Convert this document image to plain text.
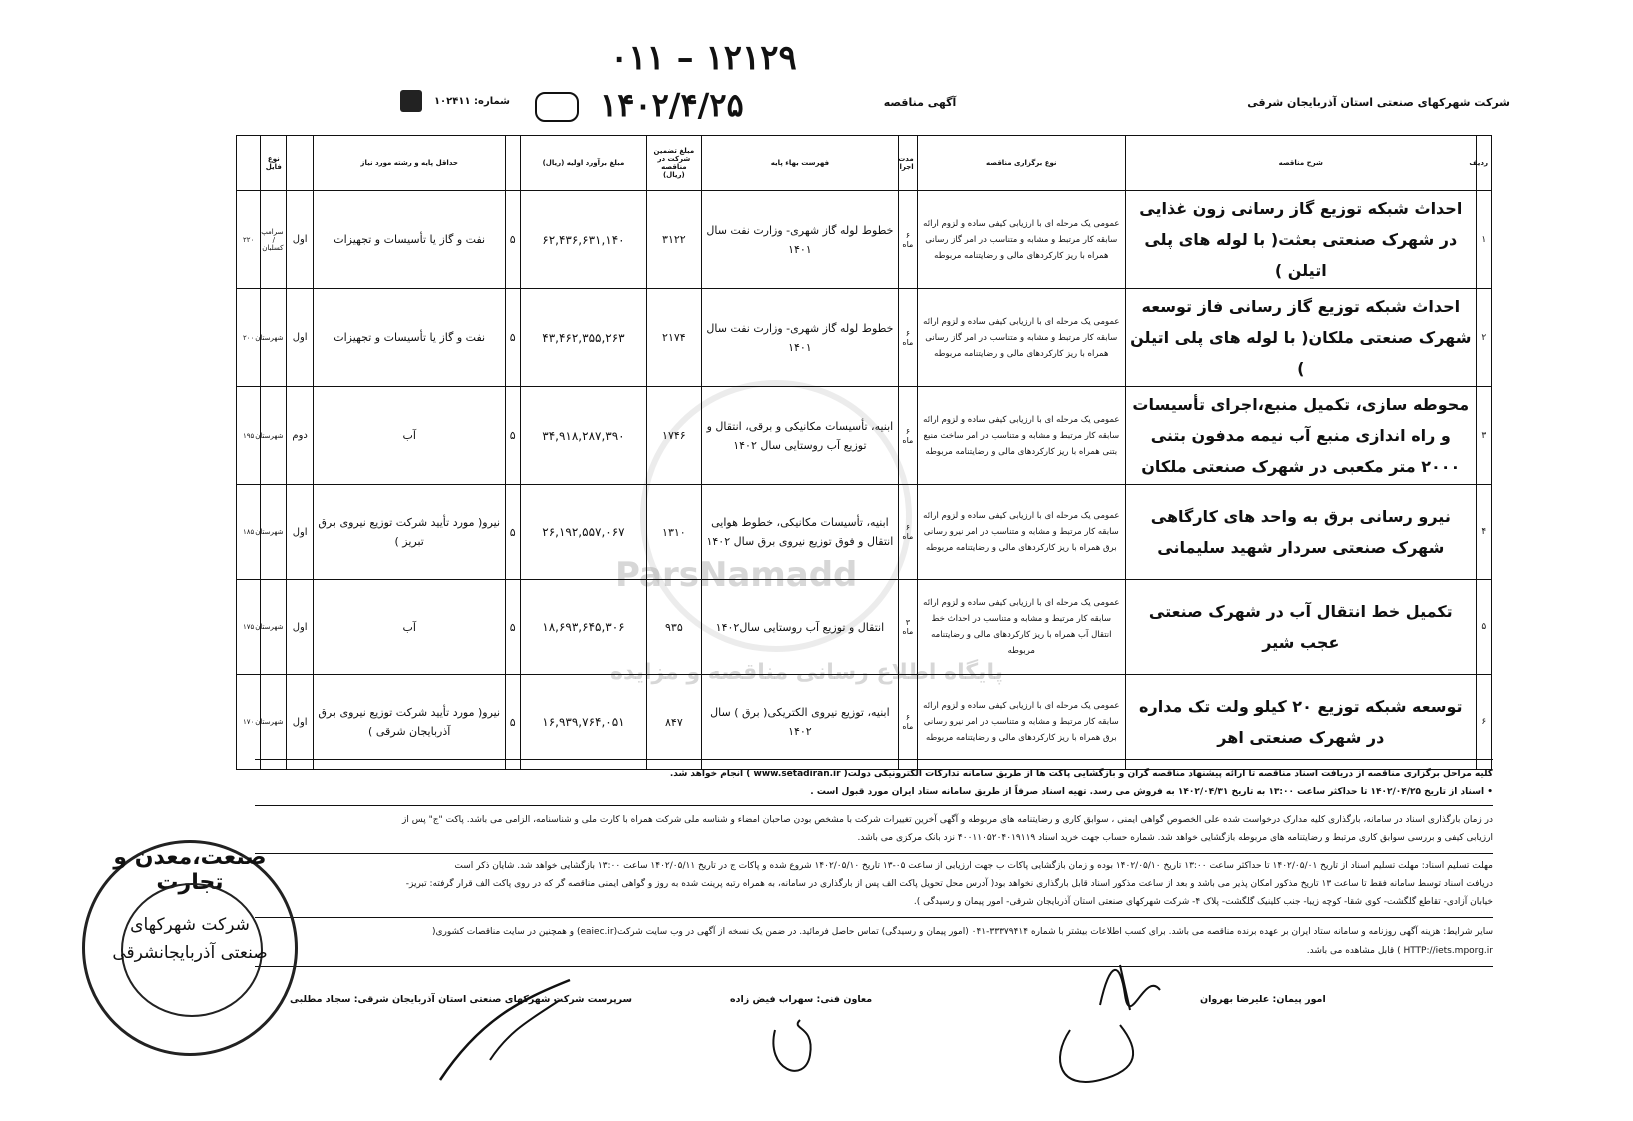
شرکت شهرکهای صنعتی استان آذربایجان شرقی
آگهی مناقصه
شماره: ۱۰۲۴۱۱
۰۱۱ – ۱۲۱۲۹
۱۴۰۲/۴/۲۵
ParsNamadd
پایگاه اطلاع رسانی مناقصه و مزایده
ردیف	شرح مناقصه	نوع برگزاری مناقصه	مدت اجرا	فهرست بهاء پایه	مبلغ تضمین شرکت در مناقصه (ریال)	مبلغ برآورد اولیه (ریال)		حداقل پایه و رشته مورد نیاز		نوع فایل	
۱	احداث شبکه توزیع گاز رسانی زون غذایی در شهرک صنعتی بعثت( با لوله های پلی اتیلن )	عمومی یک مرحله ای با ارزیابی کیفی ساده و لزوم ارائه سابقه کار مرتبط و مشابه و متناسب در امر گاز رسانی همراه با ریز کارکردهای مالی و رضایتنامه مربوطه	۶ ماه	خطوط لوله گاز شهری- وزارت نفت سال ۱۴۰۱	۳۱۲۲	۶۲,۴۳۶,۶۳۱,۱۴۰	۵	نفت و گاز یا تأسیسات و تجهیزات	اول	سرامپ / کسلبان	۲۲۰
۲	احداث شبکه توزیع گاز رسانی فاز توسعه شهرک صنعتی ملکان( با لوله های پلی اتیلن )	عمومی یک مرحله ای با ارزیابی کیفی ساده و لزوم ارائه سابقه کار مرتبط و مشابه و متناسب در امر گاز رسانی همراه با ریز کارکردهای مالی و رضایتنامه مربوطه	۶ ماه	خطوط لوله گاز شهری- وزارت نفت سال ۱۴۰۱	۲۱۷۴	۴۳,۴۶۲,۳۵۵,۲۶۳	۵	نفت و گاز یا تأسیسات و تجهیزات	اول	شهرستان	۲۰۰
۳	محوطه سازی، تکمیل منبع،اجرای تأسیسات و راه اندازی منبع آب نیمه مدفون بتنی ۲۰۰۰ متر مکعبی در شهرک صنعتی ملکان	عمومی یک مرحله ای با ارزیابی کیفی ساده و لزوم ارائه سابقه کار مرتبط و مشابه و متناسب در امر ساخت منبع بتنی همراه با ریز کارکردهای مالی و رضایتنامه مربوطه	۶ ماه	ابنیه، تأسیسات مکانیکی و برقی، انتقال و توزیع آب روستایی سال ۱۴۰۲	۱۷۴۶	۳۴,۹۱۸,۲۸۷,۳۹۰	۵	آب	دوم	شهرستان	۱۹۵
۴	نیرو رسانی برق به واحد های کارگاهی شهرک صنعتی سردار شهید سلیمانی	عمومی یک مرحله ای با ارزیابی کیفی ساده و لزوم ارائه سابقه کار مرتبط و مشابه و متناسب در امر نیرو رسانی برق همراه با ریز کارکردهای مالی و رضایتنامه مربوطه	۶ ماه	ابنیه، تأسیسات مکانیکی، خطوط هوایی انتقال و فوق توزیع نیروی برق سال ۱۴۰۲	۱۳۱۰	۲۶,۱۹۲,۵۵۷,۰۶۷	۵	نیرو( مورد تأیید شرکت توزیع نیروی برق تبریز )	اول	شهرستان	۱۸۵
۵	تکمیل خط انتقال آب در شهرک صنعتی عجب شیر	عمومی یک مرحله ای با ارزیابی کیفی ساده و لزوم ارائه سابقه کار مرتبط و مشابه و متناسب در احداث خط انتقال آب همراه با ریز کارکردهای مالی و رضایتنامه مربوطه	۳ ماه	انتقال و توزیع آب روستایی سال۱۴۰۲	۹۳۵	۱۸,۶۹۳,۶۴۵,۳۰۶	۵	آب	اول	شهرستان	۱۷۵
۶	توسعه شبکه توزیع ۲۰ کیلو ولت تک مداره در شهرک صنعتی اهر	عمومی یک مرحله ای با ارزیابی کیفی ساده و لزوم ارائه سابقه کار مرتبط و مشابه و متناسب در امر نیرو رسانی برق همراه با ریز کارکردهای مالی و رضایتنامه مربوطه	۶ ماه	ابنیه، توزیع نیروی الکتریکی( برق ) سال ۱۴۰۲	۸۴۷	۱۶,۹۳۹,۷۶۴,۰۵۱	۵	نیرو( مورد تأیید شرکت توزیع نیروی برق آذربایجان شرقی )	اول	شهرستان	۱۷۰
کلیه مراحل برگزاری مناقصه از دریافت اسناد مناقصه تا ارائه پیشنهاد مناقصه گران و بازگشایی پاکت ها از طریق سامانه تدارکات الکترونیکی دولت( www.setadiran.ir ) انجام خواهد شد.
• اسناد از تاریخ ۱۴۰۲/۰۴/۲۵ تا حداکثر ساعت ۱۳:۰۰ به تاریخ ۱۴۰۲/۰۴/۳۱ به فروش می رسد. تهیه اسناد صرفاً از طریق سامانه ستاد ایران مورد قبول است .
در زمان بارگذاری اسناد در سامانه، بارگذاری کلیه مدارک درخواست شده علی الخصوص گواهی ایمنی ، سوابق کاری و رضایتنامه های مربوطه و آگهی آخرین تغییرات شرکت با مشخص بودن صاحبان امضاء و شناسه ملی شرکت همراه با کارت ملی و شناسنامه، الزامی می باشد. پاکت "ج" پس از
ارزیابی کیفی و بررسی سوابق کاری مرتبط و رضایتنامه های مربوطه بازگشایی خواهد شد. شماره حساب جهت خرید اسناد ۴۰۰۱۱۰۵۲۰۴۰۱۹۱۱۹ نزد بانک مرکزی می باشد.
مهلت تسلیم اسناد: مهلت تسلیم اسناد از تاریخ ۱۴۰۲/۰۵/۰۱ تا حداکثر ساعت ۱۳:۰۰ تاریخ ۱۴۰۲/۰۵/۱۰ بوده و زمان بازگشایی پاکات ب جهت ارزیابی از ساعت ۰۵-۱۳ تاریخ ۱۴۰۲/۰۵/۱۰ شروع شده و پاکات ج در تاریخ ۱۴۰۲/۰۵/۱۱ ساعت ۱۳:۰۰ بازگشایی خواهد شد. شایان ذکر است
دریافت اسناد توسط سامانه فقط تا ساعت ۱۳ تاریخ مذکور امکان پذیر می باشد و بعد از ساعت مذکور اسناد قابل بارگذاری نخواهد بود( آدرس محل تحویل پاکت الف پس از بارگذاری در سامانه، به همراه رتبه پرینت شده به روز و گواهی ایمنی مناقصه گر که در روی پاکت الف قرار گرفته: تبریز-
خیابان آزادی- تقاطع گلگشت- کوی شقا- کوچه زیبا- جنب کلینیک گلگشت- پلاک ۴- شرکت شهرکهای صنعتی استان آذربایجان شرقی- امور پیمان و رسیدگی ).
سایر شرایط: هزینه آگهی روزنامه و سامانه ستاد ایران بر عهده برنده مناقصه می باشد. برای کسب اطلاعات بیشتر با شماره ۳۳۳۷۹۴۱۴-۰۴۱ (امور پیمان و رسیدگی) تماس حاصل فرمائید. در ضمن یک نسخه از آگهی در وب سایت شرکت(eaiec.ir) و همچنین در سایت مناقصات کشوری(
HTTP://iets.mporg.ir ) قابل مشاهده می باشد.
امور پیمان: علیرضا بهروان
معاون فنی: سهراب فیض زاده
سرپرست شرکت شهرکهای صنعتی استان آذربایجان شرقی: سجاد مطلبی
صنعت،معدن و تجارت
شرکت شهرکهای
صنعتی آذربایجانشرقی
